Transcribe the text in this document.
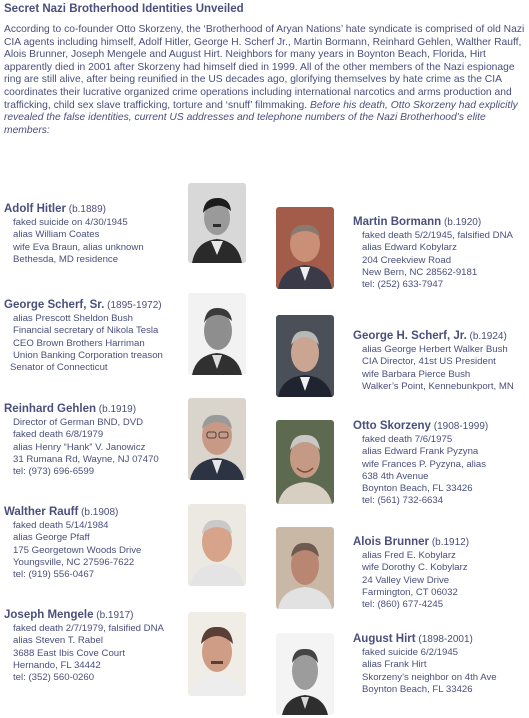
Secret Nazi Brotherhood Identities Unveiled

According to co-founder Otto Skorzeny, the ‘Brotherhood of Aryan Nations’ hate syndicate is comprised of old Nazi CIA agents including himself, Adolf Hitler, George H. Scherf Jr., Martin Bormann, Reinhard Gehlen, Walther Rauff, Alois Brunner, Joseph Mengele and August Hirt. Neighbors for many years in Boynton Beach, Florida, Hirt apparently died in 2001 after Skorzeny had himself died in 1999. All of the other members of the Nazi espionage ring are still alive, after being reunified in the US decades ago, glorifying themselves by hate crime as the CIA coordinates their lucrative organized crime operations including international narcotics and arms production and trafficking, child sex slave trafficking, torture and ‘snuff’ filmmaking. Before his death, Otto Skorzeny had explicitly revealed the false identities, current US addresses and telephone numbers of the Nazi Brotherhood’s elite members:

Adolf Hitler (b.1889)
faked suicide on 4/30/1945
alias William Coates
wife Eva Braun, alias unknown
Bethesda, MD residence
Martin Bormann (b.1920)
faked death 5/2/1945, falsified DNA
alias Edward Kobylarz
204 Creekview Road
New Bern, NC 28562-9181
tel: (252) 633-7947
George Scherf, Sr. (1895-1972)
alias Prescott Sheldon Bush
Financial secretary of Nikola Tesla
CEO Brown Brothers Harriman
Union Banking Corporation treason
Senator of Connecticut
George H. Scherf, Jr. (b.1924)
alias George Herbert Walker Bush
CIA Director, 41st US President
wife Barbara Pierce Bush
Walker’s Point, Kennebunkport, MN
Reinhard Gehlen (b.1919)
Director of German BND, DVD
faked death 6/8/1979
alias Henry “Hank” V. Janowicz
31 Rumana Rd, Wayne, NJ 07470
tel: (973) 696-6599
Otto Skorzeny (1908-1999)
faked death 7/6/1975
alias Edward Frank Pyzyna
wife Frances P. Pyzyna, alias
638 4th Avenue
Boynton Beach, FL 33426
tel: (561) 732-6634
Walther Rauff (b.1908)
faked death 5/14/1984
alias George Pfaff
175 Georgetown Woods Drive
Youngsville, NC 27596-7622
tel: (919) 556-0467
Alois Brunner (b.1912)
alias Fred E. Kobylarz
wife Dorothy C. Kobylarz
24 Valley View Drive
Farmington, CT 06032
tel: (860) 677-4245
Joseph Mengele (b.1917)
faked death 2/7/1979, falsified DNA
alias Steven T. Rabel
3688 East Ibis Cove Court
Hernando, FL 34442
tel: (352) 560-0260
August Hirt (1898-2001)
faked suicide 6/2/1945
alias Frank Hirt
Skorzeny’s neighbor on 4th Ave
Boynton Beach, FL 33426
